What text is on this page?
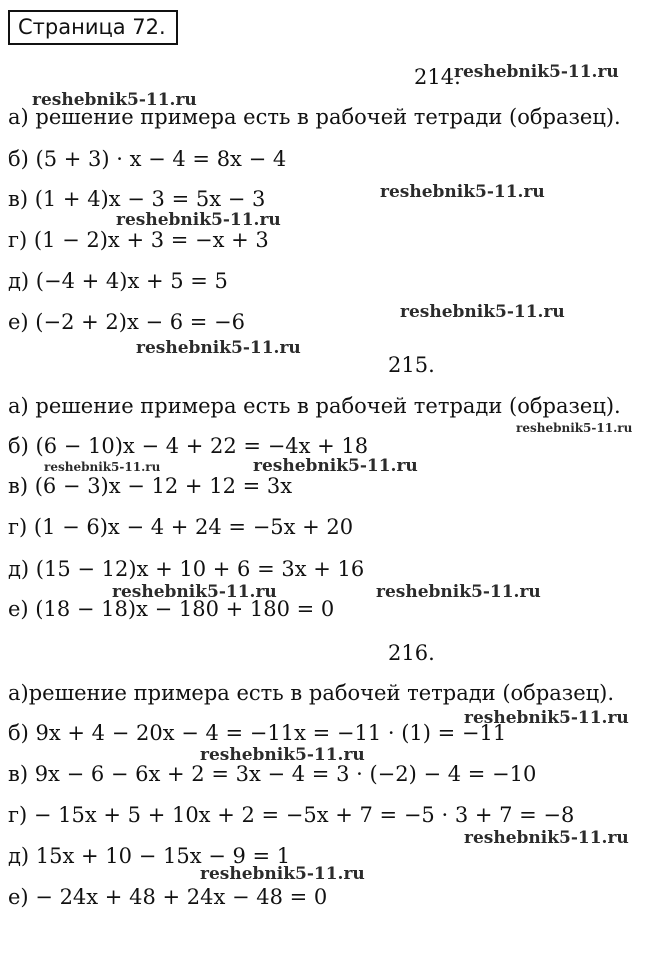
Страница 72.
214.
а) решение примера есть в рабочей тетради (образец).
б) (5 + 3) · x − 4 = 8x − 4
в) (1 + 4)x − 3 = 5x − 3
г) (1 − 2)x + 3 = −x + 3
д) (−4 + 4)x + 5 = 5
е) (−2 + 2)x − 6 = −6
215.
а) решение примера есть в рабочей тетради (образец).
б) (6 − 10)x − 4 + 22 = −4x + 18
в) (6 − 3)x − 12 + 12 = 3x
г) (1 − 6)x − 4 + 24 = −5x + 20
д) (15 − 12)x + 10 + 6 = 3x + 16
е) (18 − 18)x − 180 + 180 = 0
216.
а)решение примера есть в рабочей тетради (образец).
б) 9x + 4 − 20x − 4 = −11x = −11 · (1) = −11
в) 9x − 6 − 6x + 2 = 3x − 4 = 3 · (−2) − 4 = −10
г) − 15x + 5 + 10x + 2 = −5x + 7 = −5 · 3 + 7 = −8
д) 15x + 10 − 15x − 9 = 1
е) − 24x + 48 + 24x − 48 = 0
reshebnik5-11.ru
reshebnik5-11.ru
reshebnik5-11.ru
reshebnik5-11.ru
reshebnik5-11.ru
reshebnik5-11.ru
reshebnik5-11.ru
reshebnik5-11.ru	reshebnik5-11.ru
reshebnik5-11.ru	reshebnik5-11.ru
reshebnik5-11.ru
reshebnik5-11.ru
reshebnik5-11.ru
reshebnik5-11.ru
